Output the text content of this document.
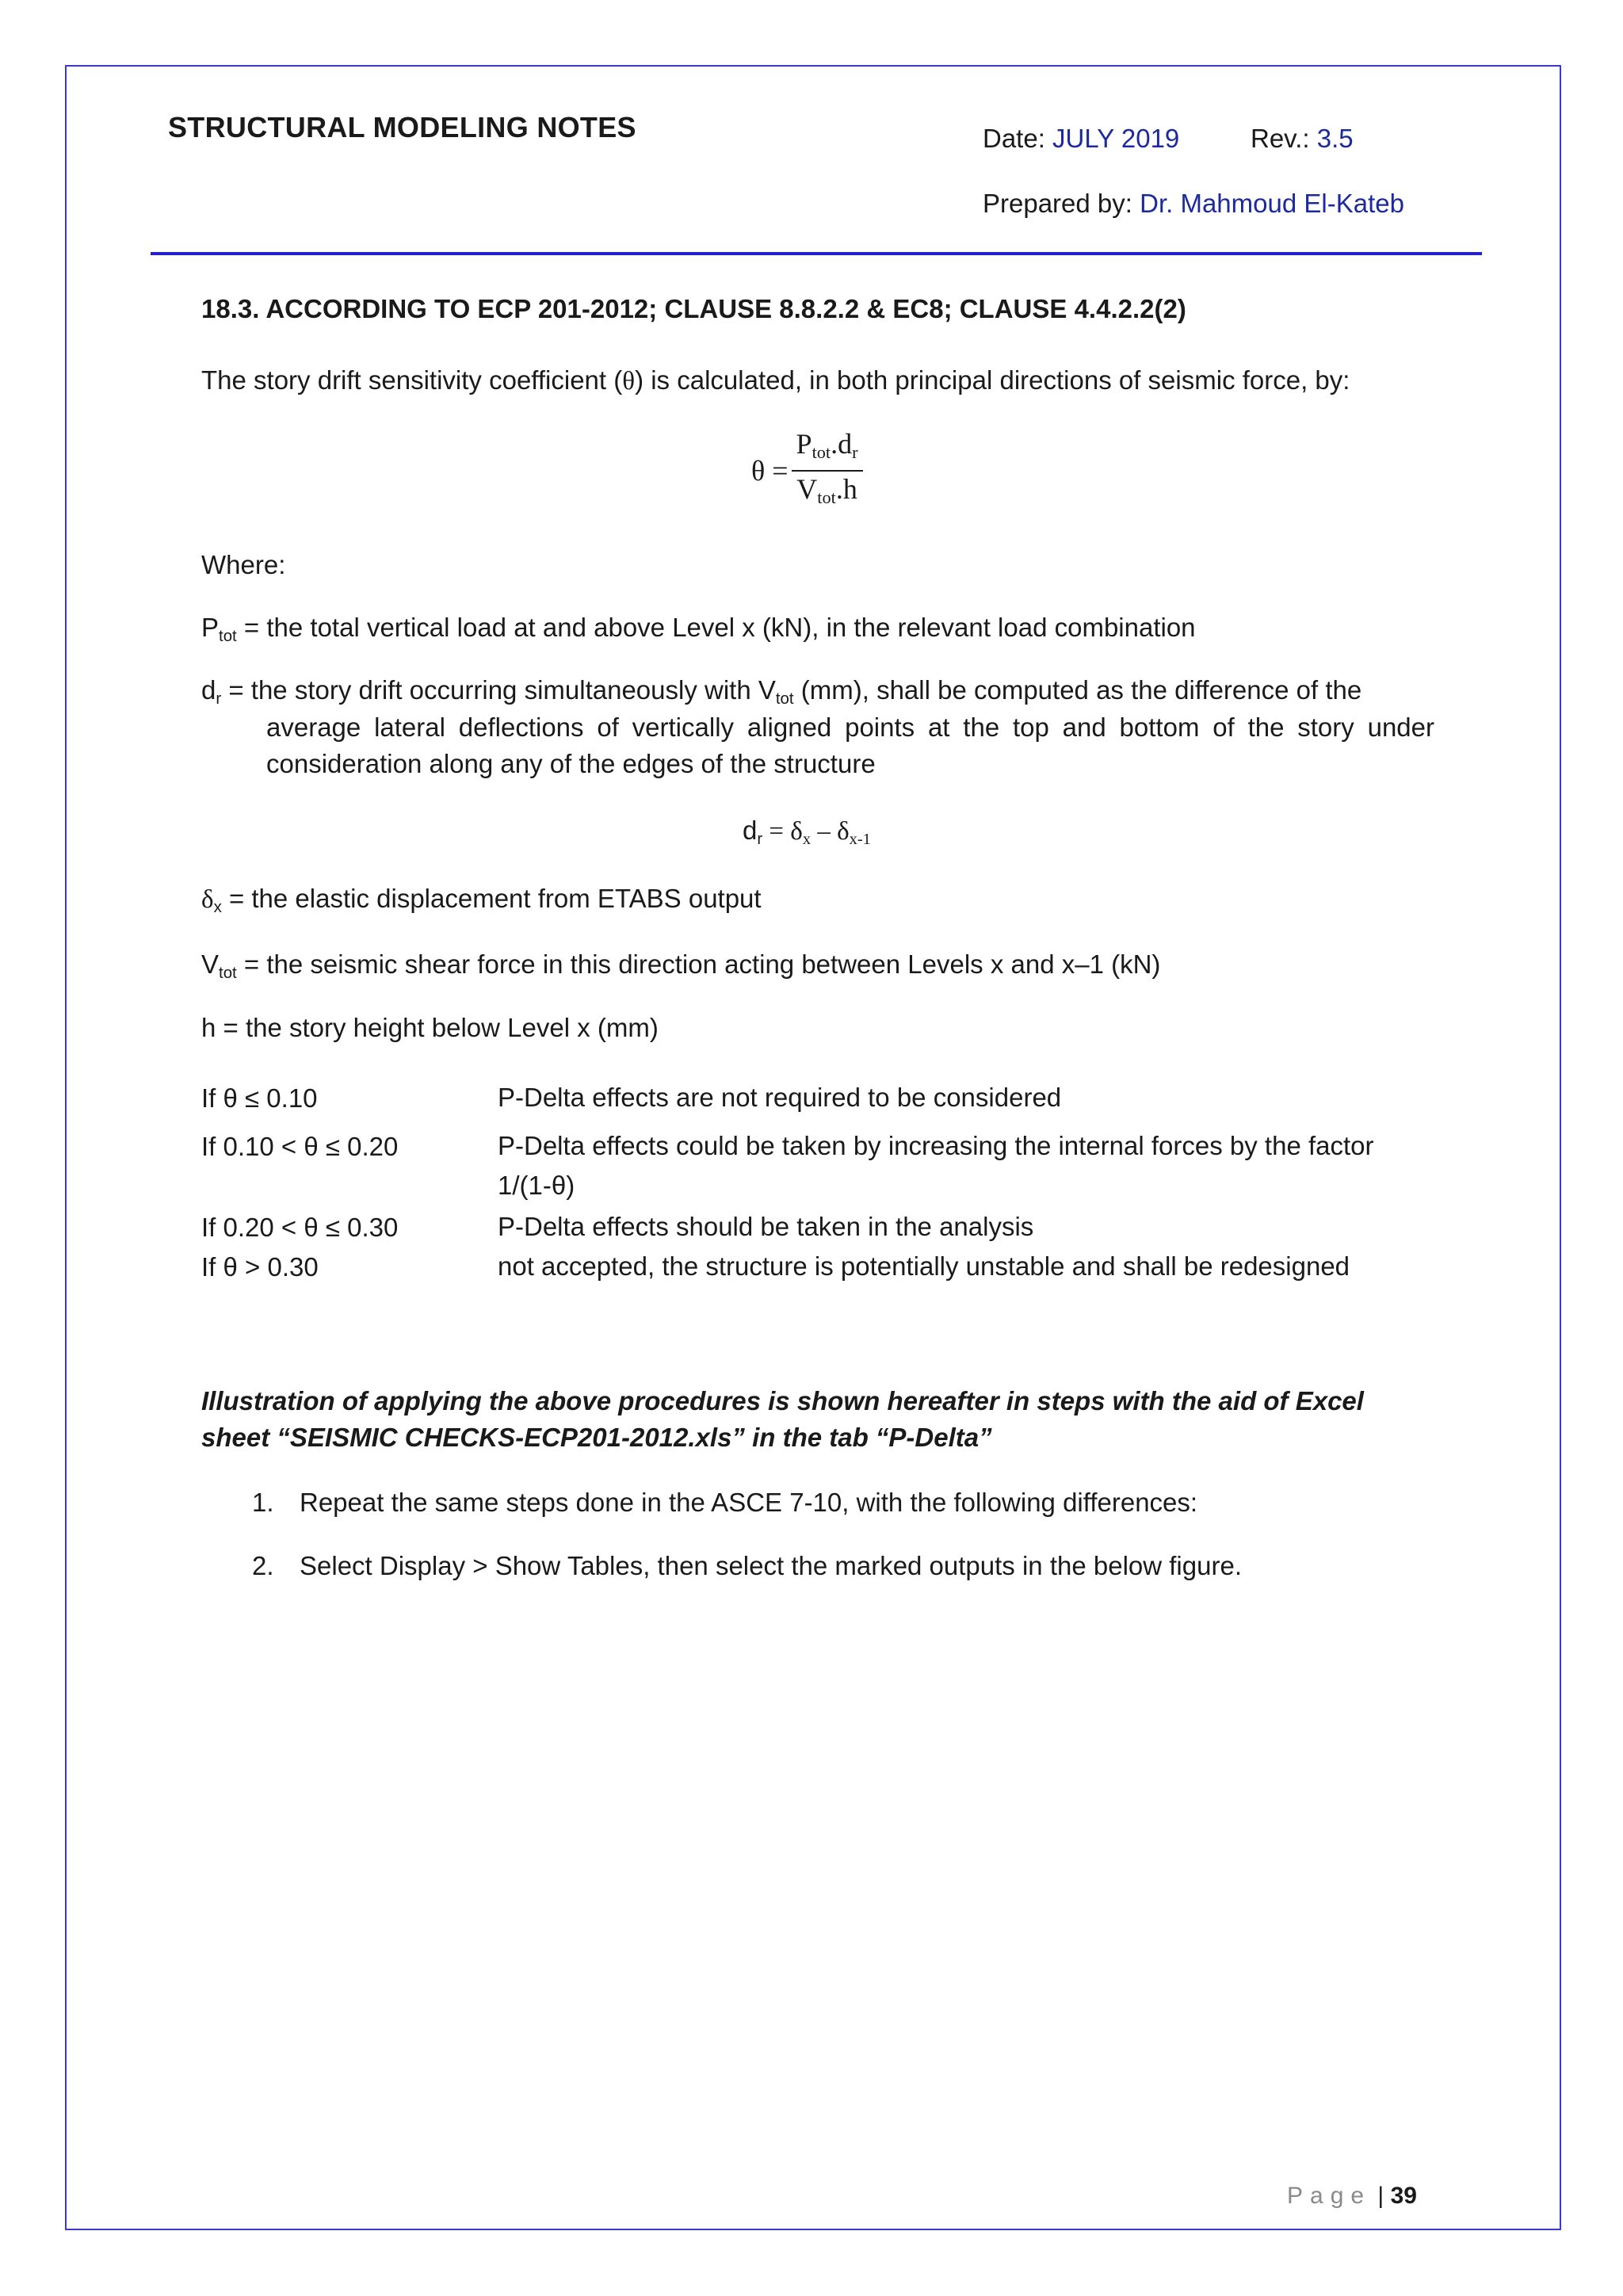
STRUCTURAL MODELING NOTES	Date: JULY 2019	Rev.: 3.5
Prepared by: Dr. Mahmoud El-Kateb
18.3. ACCORDING TO ECP 201-2012; CLAUSE 8.8.2.2 & EC8; CLAUSE 4.4.2.2(2)
The story drift sensitivity coefficient (θ) is calculated, in both principal directions of seismic force, by:
θ =	$P_{tot}.d_r$
$V_{tot}.h$
Where:
$P_{tot}$ = the total vertical load at and above Level x (kN), in the relevant load combination
$d_r$ = the story drift occurring simultaneously with $V_{tot}$ (mm), shall be computed as the difference of the
average lateral deflections of vertically aligned points at the top and bottom of the story under
consideration along any of the edges of the structure
$d_r = \delta_x - \delta_{x-1}$
$\delta_x$ = the elastic displacement from ETABS output
$V_{tot}$ = the seismic shear force in this direction acting between Levels x and x–1 (kN)
h = the story height below Level x (mm)
If θ ≤ 0.10	P-Delta effects are not required to be considered
If 0.10 < θ ≤ 0.20	P-Delta effects could be taken by increasing the internal forces by the factor
1/(1-θ)
If 0.20 < θ ≤ 0.30	P-Delta effects should be taken in the analysis
If θ > 0.30	not accepted, the structure is potentially unstable and shall be redesigned
Illustration of applying the above procedures is shown hereafter in steps with the aid of Excel sheet “SEISMIC CHECKS-ECP201-2012.xls” in the tab “P-Delta”
1. Repeat the same steps done in the ASCE 7-10, with the following differences:
2. Select Display > Show Tables, then select the marked outputs in the below figure.
Page | 39
